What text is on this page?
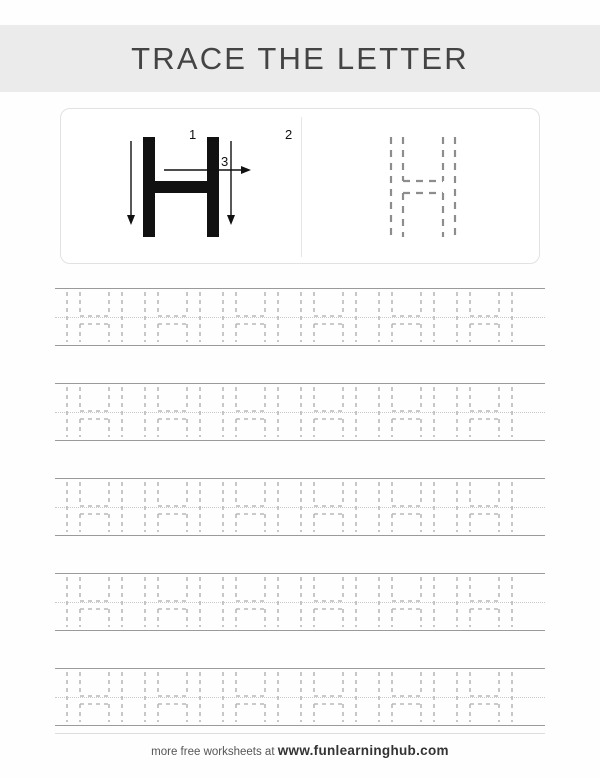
TRACE THE LETTER
1	2
3
more free worksheets at www.funlearninghub.com
